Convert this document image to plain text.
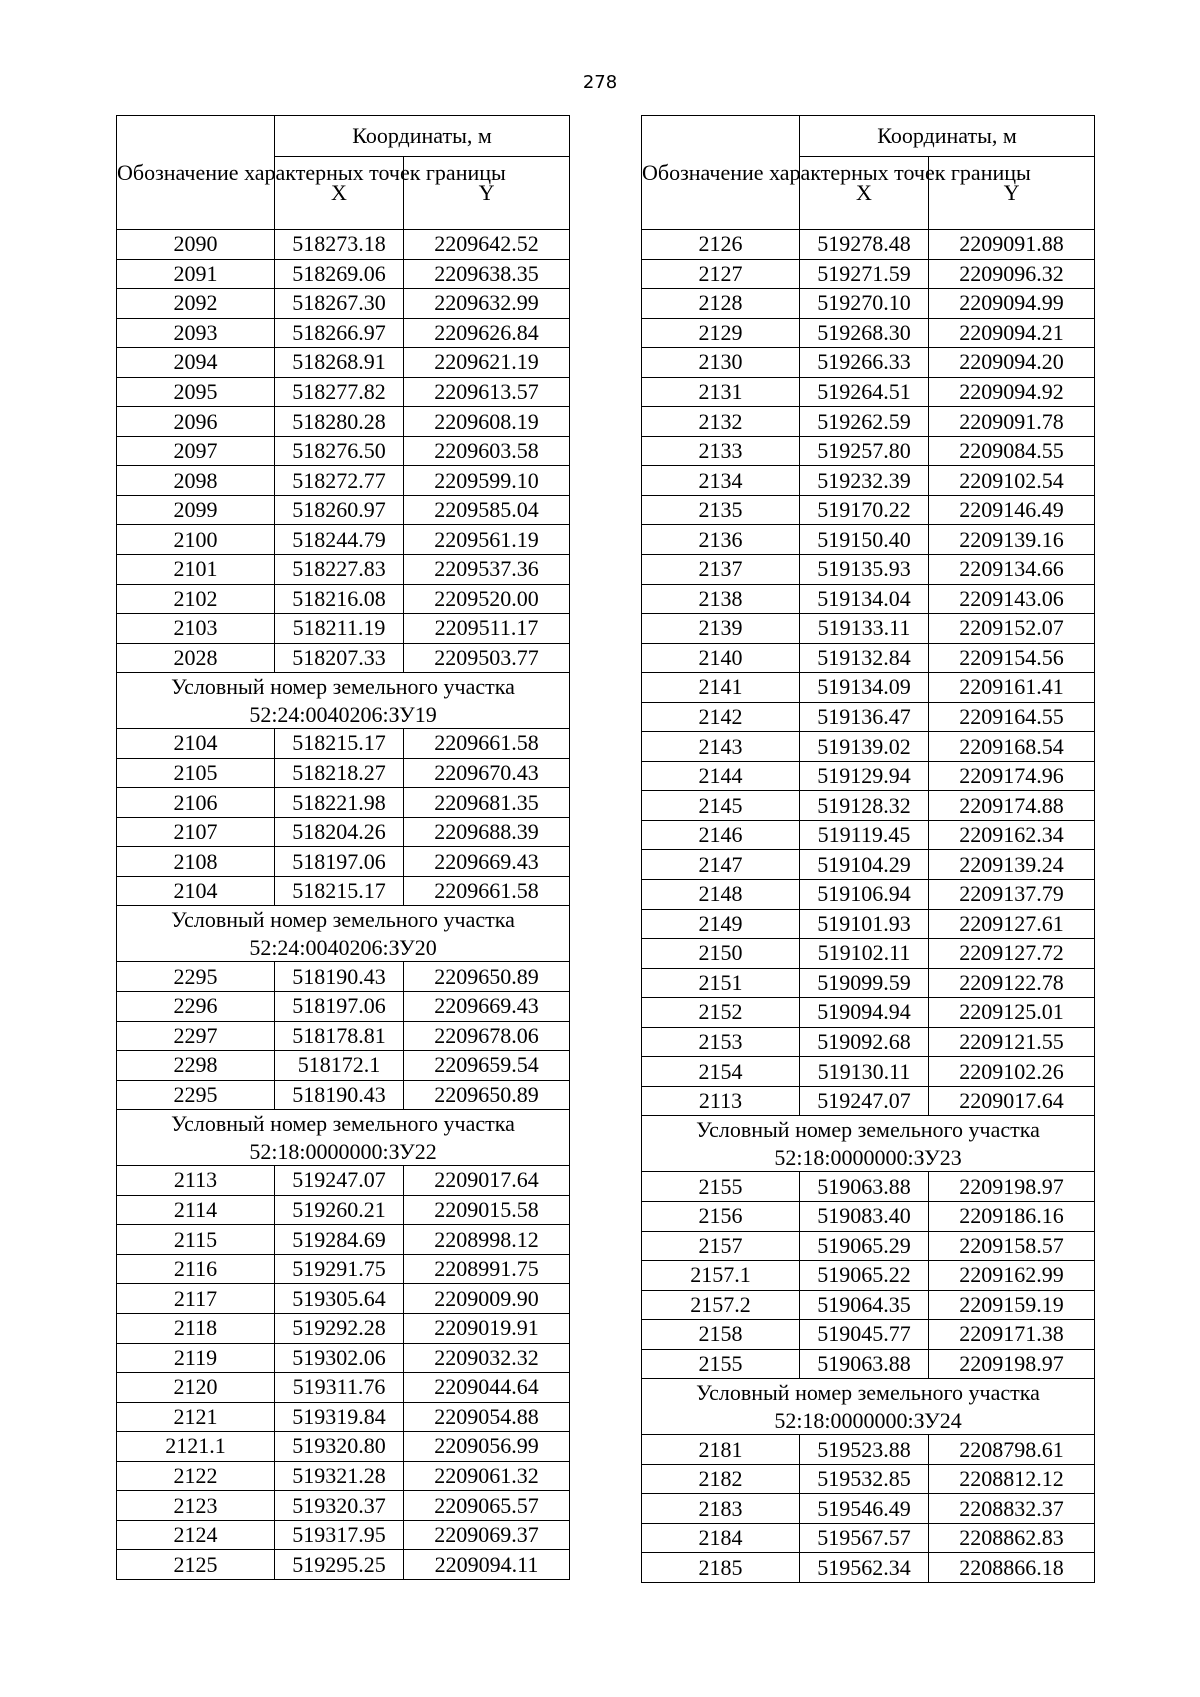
278
Обозначение характерных точек границы	Координаты, м	
	X	Y
2090	518273.18	2209642.52
2091	518269.06	2209638.35
2092	518267.30	2209632.99
2093	518266.97	2209626.84
2094	518268.91	2209621.19
2095	518277.82	2209613.57
2096	518280.28	2209608.19
2097	518276.50	2209603.58
2098	518272.77	2209599.10
2099	518260.97	2209585.04
2100	518244.79	2209561.19
2101	518227.83	2209537.36
2102	518216.08	2209520.00
2103	518211.19	2209511.17
2028	518207.33	2209503.77
Условный номер земельного участка
52:24:0040206:ЗУ19		
2104	518215.17	2209661.58
2105	518218.27	2209670.43
2106	518221.98	2209681.35
2107	518204.26	2209688.39
2108	518197.06	2209669.43
2104	518215.17	2209661.58
Условный номер земельного участка
52:24:0040206:ЗУ20		
2295	518190.43	2209650.89
2296	518197.06	2209669.43
2297	518178.81	2209678.06
2298	518172.1	2209659.54
2295	518190.43	2209650.89
Условный номер земельного участка
52:18:0000000:ЗУ22		
2113	519247.07	2209017.64
2114	519260.21	2209015.58
2115	519284.69	2208998.12
2116	519291.75	2208991.75
2117	519305.64	2209009.90
2118	519292.28	2209019.91
2119	519302.06	2209032.32
2120	519311.76	2209044.64
2121	519319.84	2209054.88
2121.1	519320.80	2209056.99
2122	519321.28	2209061.32
2123	519320.37	2209065.57
2124	519317.95	2209069.37
2125	519295.25	2209094.11
Обозначение характерных точек границы	Координаты, м	
	X	Y
2126	519278.48	2209091.88
2127	519271.59	2209096.32
2128	519270.10	2209094.99
2129	519268.30	2209094.21
2130	519266.33	2209094.20
2131	519264.51	2209094.92
2132	519262.59	2209091.78
2133	519257.80	2209084.55
2134	519232.39	2209102.54
2135	519170.22	2209146.49
2136	519150.40	2209139.16
2137	519135.93	2209134.66
2138	519134.04	2209143.06
2139	519133.11	2209152.07
2140	519132.84	2209154.56
2141	519134.09	2209161.41
2142	519136.47	2209164.55
2143	519139.02	2209168.54
2144	519129.94	2209174.96
2145	519128.32	2209174.88
2146	519119.45	2209162.34
2147	519104.29	2209139.24
2148	519106.94	2209137.79
2149	519101.93	2209127.61
2150	519102.11	2209127.72
2151	519099.59	2209122.78
2152	519094.94	2209125.01
2153	519092.68	2209121.55
2154	519130.11	2209102.26
2113	519247.07	2209017.64
Условный номер земельного участка
52:18:0000000:ЗУ23		
2155	519063.88	2209198.97
2156	519083.40	2209186.16
2157	519065.29	2209158.57
2157.1	519065.22	2209162.99
2157.2	519064.35	2209159.19
2158	519045.77	2209171.38
2155	519063.88	2209198.97
Условный номер земельного участка
52:18:0000000:ЗУ24		
2181	519523.88	2208798.61
2182	519532.85	2208812.12
2183	519546.49	2208832.37
2184	519567.57	2208862.83
2185	519562.34	2208866.18
